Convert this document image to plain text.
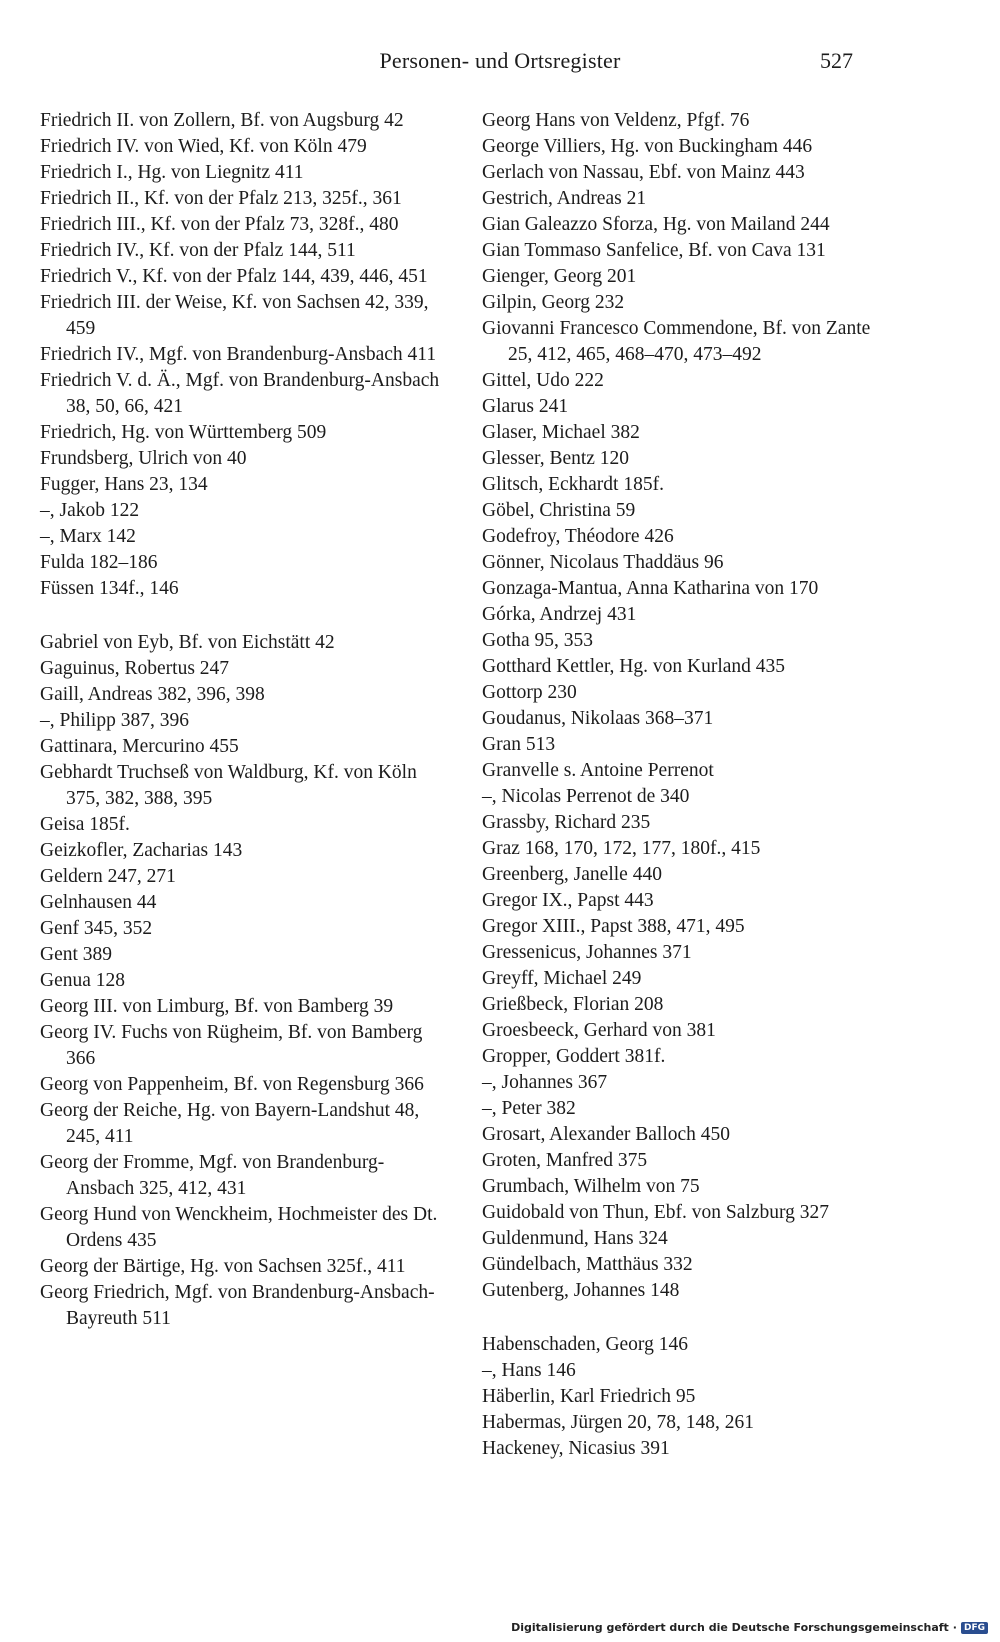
Personen- und Ortsregister	527
Friedrich II. von Zollern, Bf. von Augsburg 42
Friedrich IV. von Wied, Kf. von Köln 479
Friedrich I., Hg. von Liegnitz 411
Friedrich II., Kf. von der Pfalz 213, 325f., 361
Friedrich III., Kf. von der Pfalz 73, 328f., 480
Friedrich IV., Kf. von der Pfalz 144, 511
Friedrich V., Kf. von der Pfalz 144, 439, 446, 451
Friedrich III. der Weise, Kf. von Sachsen 42, 339, 459
Friedrich IV., Mgf. von Brandenburg-Ansbach 411
Friedrich V. d. Ä., Mgf. von Brandenburg-Ansbach 38, 50, 66, 421
Friedrich, Hg. von Württemberg 509
Frundsberg, Ulrich von 40
Fugger, Hans 23, 134
–, Jakob 122
–, Marx 142
Fulda 182–186
Füssen 134f., 146
Gabriel von Eyb, Bf. von Eichstätt 42
Gaguinus, Robertus 247
Gaill, Andreas 382, 396, 398
–, Philipp 387, 396
Gattinara, Mercurino 455
Gebhardt Truchseß von Waldburg, Kf. von Köln 375, 382, 388, 395
Geisa 185f.
Geizkofler, Zacharias 143
Geldern 247, 271
Gelnhausen 44
Genf 345, 352
Gent 389
Genua 128
Georg III. von Limburg, Bf. von Bamberg 39
Georg IV. Fuchs von Rügheim, Bf. von Bamberg 366
Georg von Pappenheim, Bf. von Regensburg 366
Georg der Reiche, Hg. von Bayern-Landshut 48, 245, 411
Georg der Fromme, Mgf. von Brandenburg-Ansbach 325, 412, 431
Georg Hund von Wenckheim, Hochmeister des Dt. Ordens 435
Georg der Bärtige, Hg. von Sachsen 325f., 411
Georg Friedrich, Mgf. von Brandenburg-Ansbach-Bayreuth 511
Georg Hans von Veldenz, Pfgf. 76
George Villiers, Hg. von Buckingham 446
Gerlach von Nassau, Ebf. von Mainz 443
Gestrich, Andreas 21
Gian Galeazzo Sforza, Hg. von Mailand 244
Gian Tommaso Sanfelice, Bf. von Cava 131
Gienger, Georg 201
Gilpin, Georg 232
Giovanni Francesco Commendone, Bf. von Zante 25, 412, 465, 468–470, 473–492
Gittel, Udo 222
Glarus 241
Glaser, Michael 382
Glesser, Bentz 120
Glitsch, Eckhardt 185f.
Göbel, Christina 59
Godefroy, Théodore 426
Gönner, Nicolaus Thaddäus 96
Gonzaga-Mantua, Anna Katharina von 170
Górka, Andrzej 431
Gotha 95, 353
Gotthard Kettler, Hg. von Kurland 435
Gottorp 230
Goudanus, Nikolaas 368–371
Gran 513
Granvelle s. Antoine Perrenot
–, Nicolas Perrenot de 340
Grassby, Richard 235
Graz 168, 170, 172, 177, 180f., 415
Greenberg, Janelle 440
Gregor IX., Papst 443
Gregor XIII., Papst 388, 471, 495
Gressenicus, Johannes 371
Greyff, Michael 249
Grießbeck, Florian 208
Groesbeeck, Gerhard von 381
Gropper, Goddert 381f.
–, Johannes 367
–, Peter 382
Grosart, Alexander Balloch 450
Groten, Manfred 375
Grumbach, Wilhelm von 75
Guidobald von Thun, Ebf. von Salzburg 327
Guldenmund, Hans 324
Gündelbach, Matthäus 332
Gutenberg, Johannes 148
Habenschaden, Georg 146
–, Hans 146
Häberlin, Karl Friedrich 95
Habermas, Jürgen 20, 78, 148, 261
Hackeney, Nicasius 391
Digitalisierung gefördert durch die Deutsche Forschungsgemeinschaft · DFG
